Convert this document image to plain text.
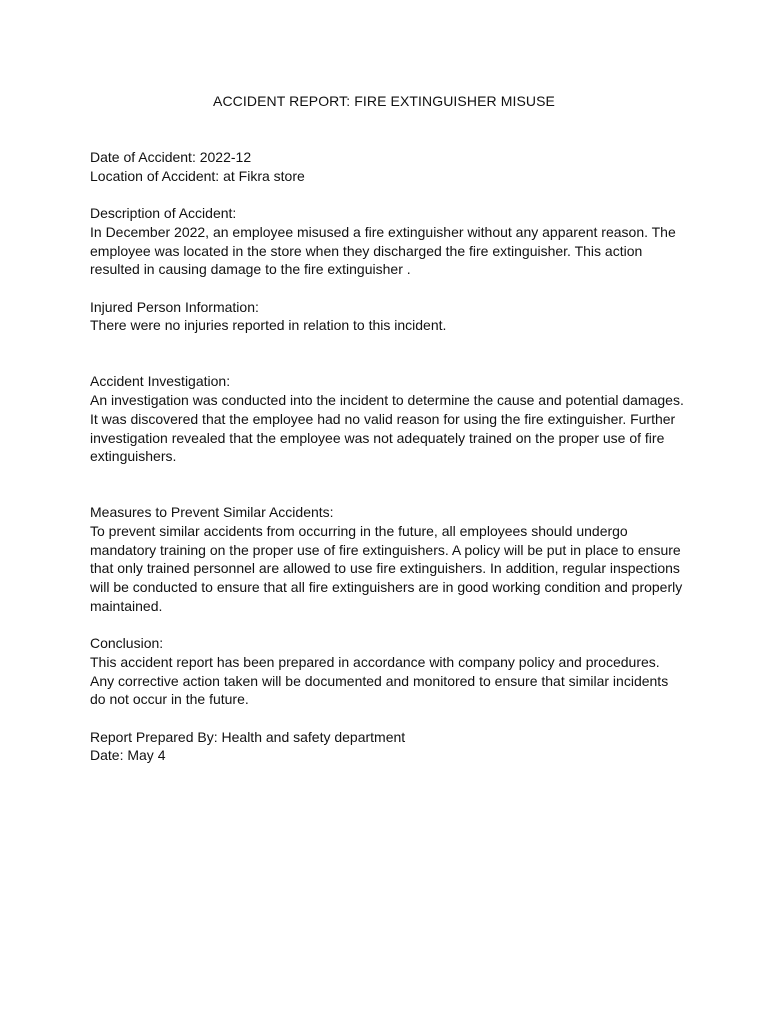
ACCIDENT REPORT: FIRE EXTINGUISHER MISUSE
Date of Accident: 2022-12
Location of Accident: at Fikra store
Description of Accident:
In December 2022, an employee misused a fire extinguisher without any apparent reason. The
employee was located in the store when they discharged the fire extinguisher. This action
resulted in causing damage to the fire extinguisher .
Injured Person Information:
There were no injuries reported in relation to this incident.
Accident Investigation:
An investigation was conducted into the incident to determine the cause and potential damages.
It was discovered that the employee had no valid reason for using the fire extinguisher. Further
investigation revealed that the employee was not adequately trained on the proper use of fire
extinguishers.
Measures to Prevent Similar Accidents:
To prevent similar accidents from occurring in the future, all employees should undergo
mandatory training on the proper use of fire extinguishers. A policy will be put in place to ensure
that only trained personnel are allowed to use fire extinguishers. In addition, regular inspections
will be conducted to ensure that all fire extinguishers are in good working condition and properly
maintained.
Conclusion:
This accident report has been prepared in accordance with company policy and procedures.
Any corrective action taken will be documented and monitored to ensure that similar incidents
do not occur in the future.
Report Prepared By: Health and safety department
Date: May 4
